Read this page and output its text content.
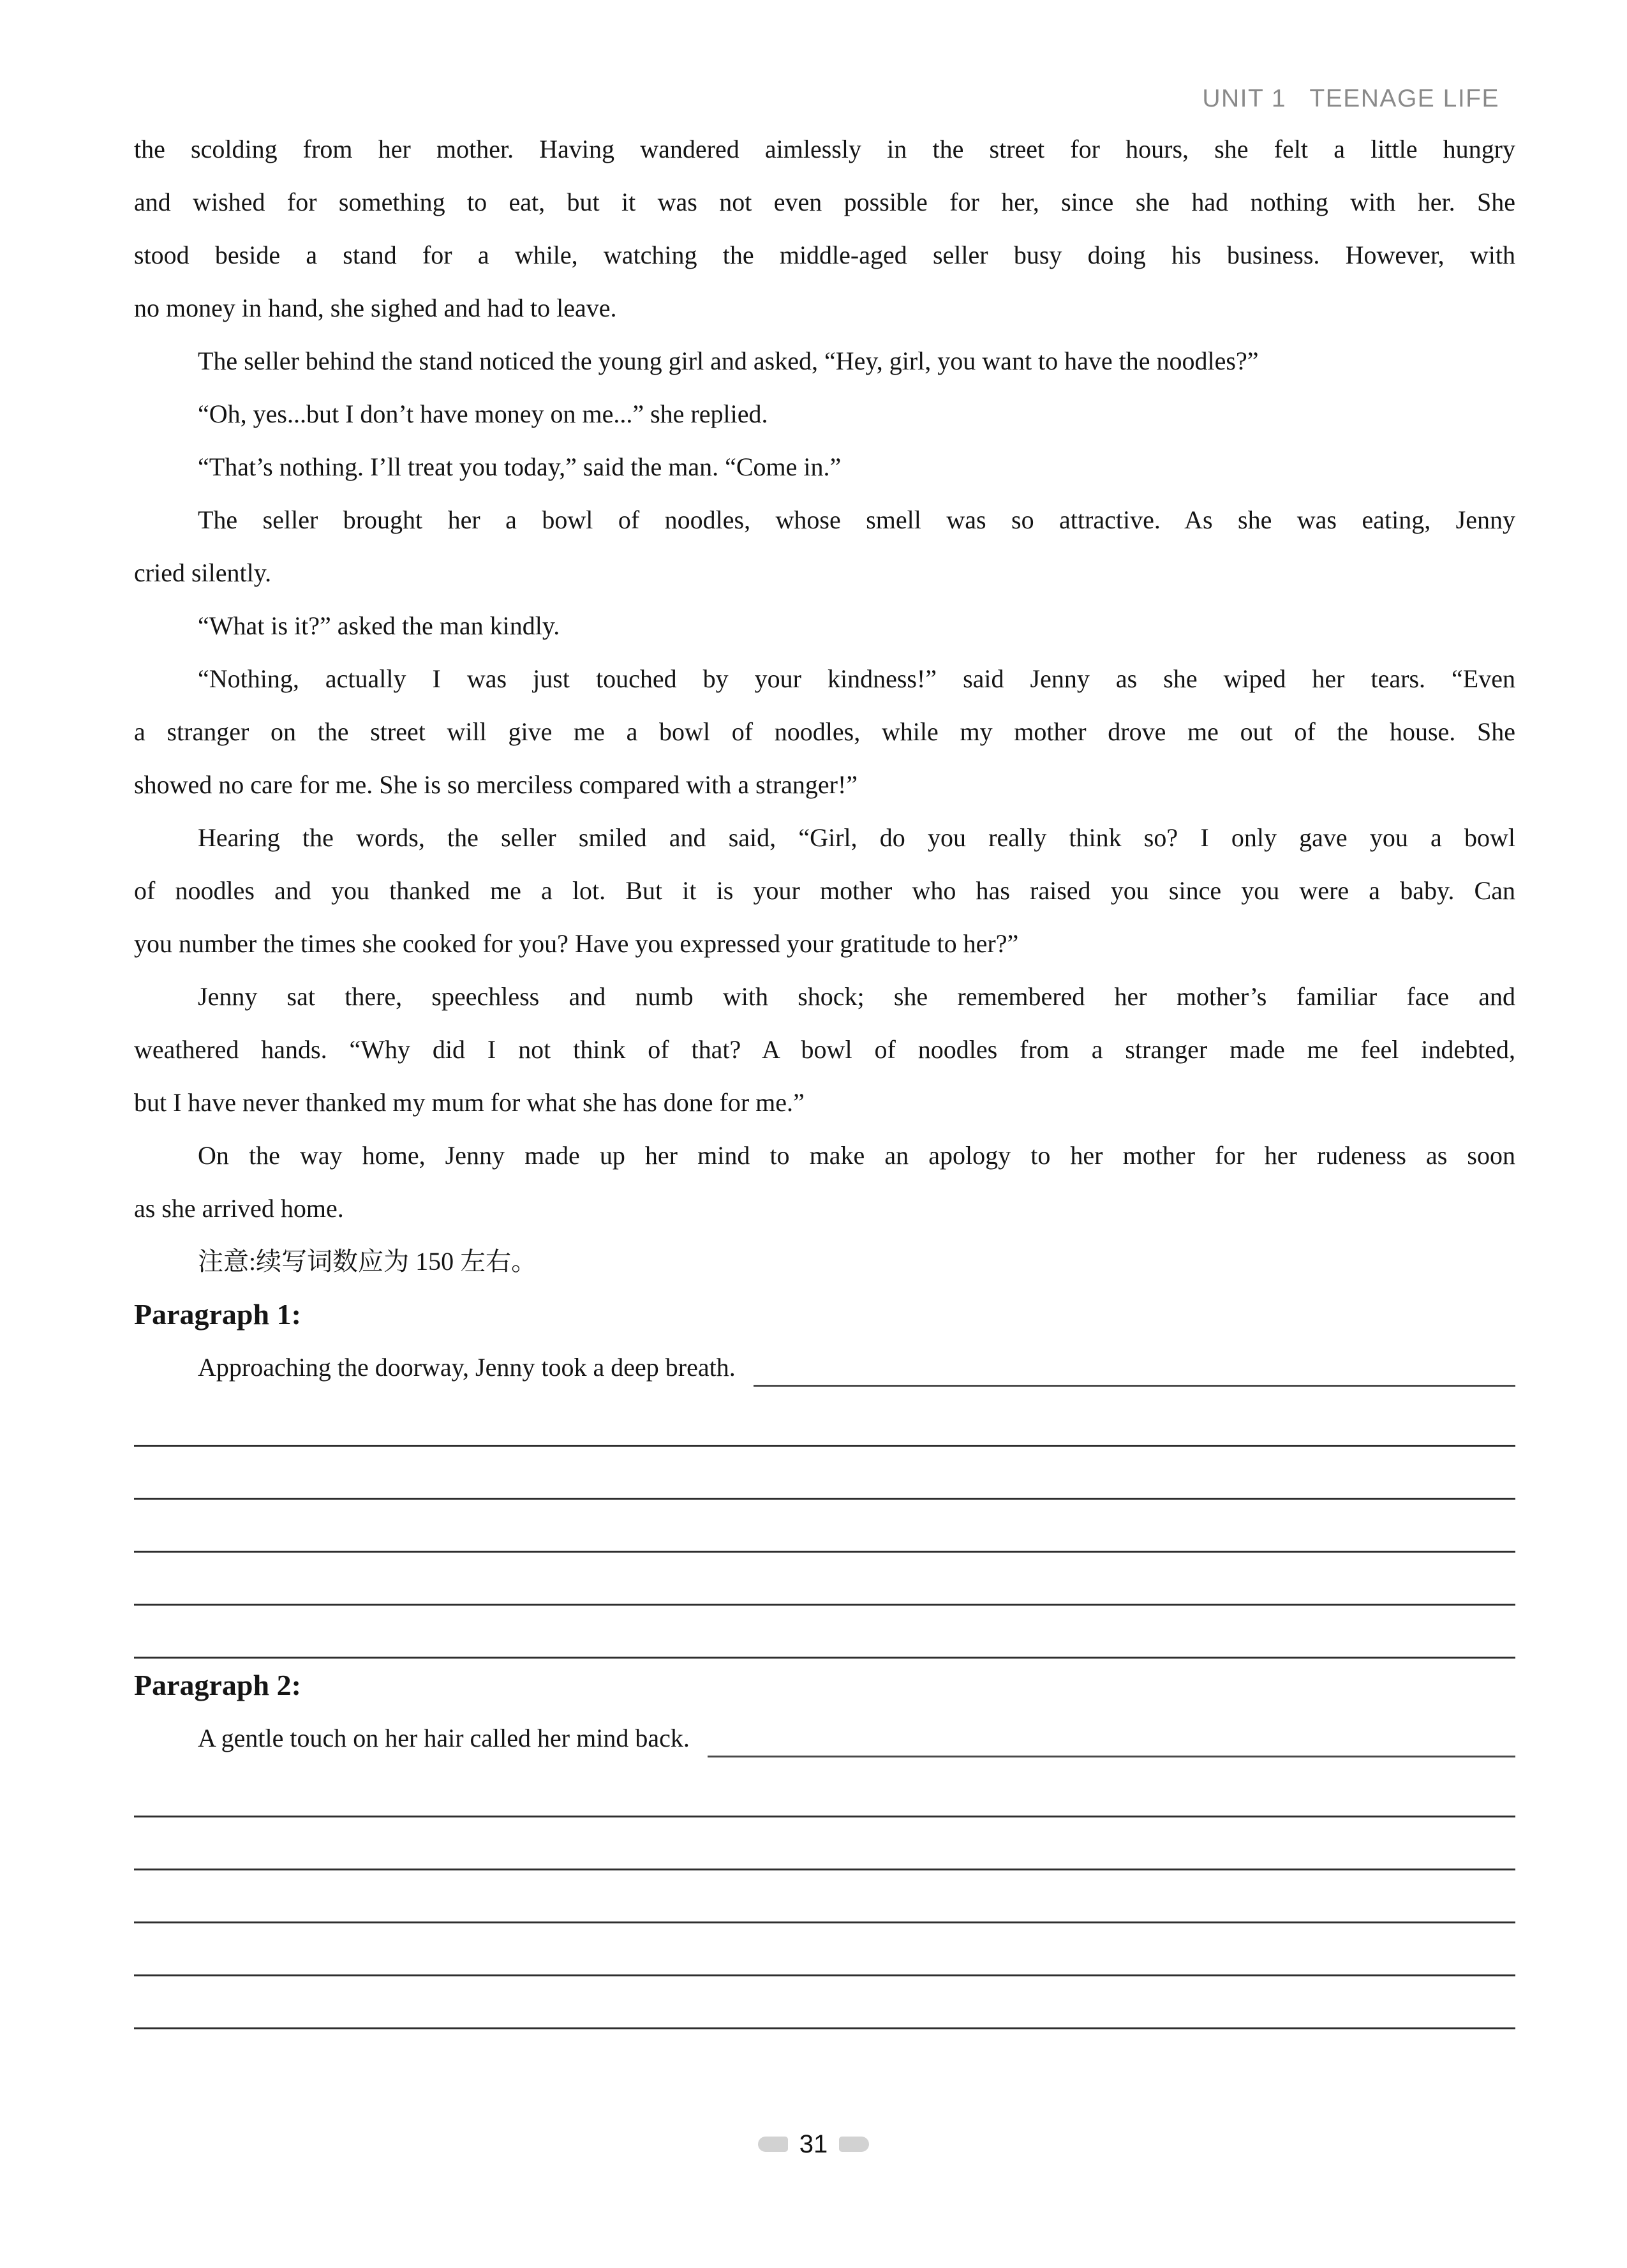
UNIT 1   TEENAGE LIFE
the scolding from her mother. Having wandered aimlessly in the street for hours, she felt a little hungry
and wished for something to eat, but it was not even possible for her, since she had nothing with her. She
stood beside a stand for a while, watching the middle-aged seller busy doing his business. However, with
no money in hand, she sighed and had to leave.
The seller behind the stand noticed the young girl and asked, “Hey, girl, you want to have the noodles?”
“Oh, yes...but I don’t have money on me...” she replied.
“That’s nothing. I’ll treat you today,” said the man. “Come in.”
The seller brought her a bowl of noodles, whose smell was so attractive. As she was eating, Jenny
cried silently.
“What is it?” asked the man kindly.
“Nothing, actually I was just touched by your kindness!” said Jenny as she wiped her tears. “Even
a stranger on the street will give me a bowl of noodles, while my mother drove me out of the house. She
showed no care for me. She is so merciless compared with a stranger!”
Hearing the words, the seller smiled and said, “Girl, do you really think so? I only gave you a bowl
of noodles and you thanked me a lot. But it is your mother who has raised you since you were a baby. Can
you number the times she cooked for you? Have you expressed your gratitude to her?”
Jenny sat there, speechless and numb with shock; she remembered her mother’s familiar face and
weathered hands. “Why did I not think of that? A bowl of noodles from a stranger made me feel indebted,
but I have never thanked my mum for what she has done for me.”
On the way home, Jenny made up her mind to make an apology to her mother for her rudeness as soon
as she arrived home.
注意:续写词数应为 150 左右。
Paragraph 1:
Approaching the doorway, Jenny took a deep breath.
Paragraph 2:
A gentle touch on her hair called her mind back.
31
